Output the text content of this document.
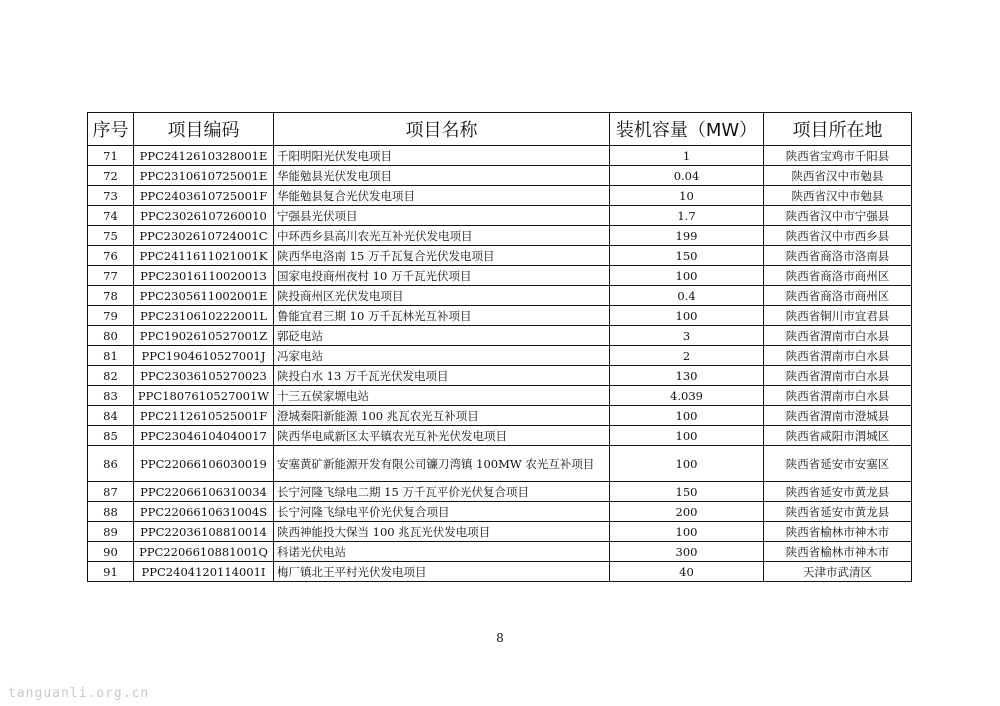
序号	项目编码	项目名称	装机容量（MW）	项目所在地
71	PPC2412610328001E	千阳明阳光伏发电项目	1	陕西省宝鸡市千阳县
72	PPC2310610725001E	华能勉县光伏发电项目	0.04	陕西省汉中市勉县
73	PPC2403610725001F	华能勉县复合光伏发电项目	10	陕西省汉中市勉县
74	PPC23026107260010	宁强县光伏项目	1.7	陕西省汉中市宁强县
75	PPC2302610724001C	中环西乡县高川农光互补光伏发电项目	199	陕西省汉中市西乡县
76	PPC2411611021001K	陕西华电洛南 15 万千瓦复合光伏发电项目	150	陕西省商洛市洛南县
77	PPC23016110020013	国家电投商州夜村 10 万千瓦光伏项目	100	陕西省商洛市商州区
78	PPC2305611002001E	陕投商州区光伏发电项目	0.4	陕西省商洛市商州区
79	PPC2310610222001L	鲁能宜君三期 10 万千瓦林光互补项目	100	陕西省铜川市宜君县
80	PPC1902610527001Z	郭砭电站	3	陕西省渭南市白水县
81	PPC1904610527001J	冯家电站	2	陕西省渭南市白水县
82	PPC23036105270023	陕投白水 13 万千瓦光伏发电项目	130	陕西省渭南市白水县
83	PPC1807610527001W	十三五侯家塬电站	4.039	陕西省渭南市白水县
84	PPC2112610525001F	澄城秦阳新能源 100 兆瓦农光互补项目	100	陕西省渭南市澄城县
85	PPC23046104040017	陕西华电咸新区太平镇农光互补光伏发电项目	100	陕西省咸阳市渭城区
86	PPC22066106030019	安塞黄矿新能源开发有限公司镰刀湾镇 100MW 农光互补项目	100	陕西省延安市安塞区
87	PPC22066106310034	长宁河隆飞绿电二期 15 万千瓦平价光伏复合项目	150	陕西省延安市黄龙县
88	PPC2206610631004S	长宁河隆飞绿电平价光伏复合项目	200	陕西省延安市黄龙县
89	PPC22036108810014	陕西神能投大保当 100 兆瓦光伏发电项目	100	陕西省榆林市神木市
90	PPC2206610881001Q	科诺光伏电站	300	陕西省榆林市神木市
91	PPC2404120114001I	梅厂镇北王平村光伏发电项目	40	天津市武清区
8
tanguanli.org.cn
